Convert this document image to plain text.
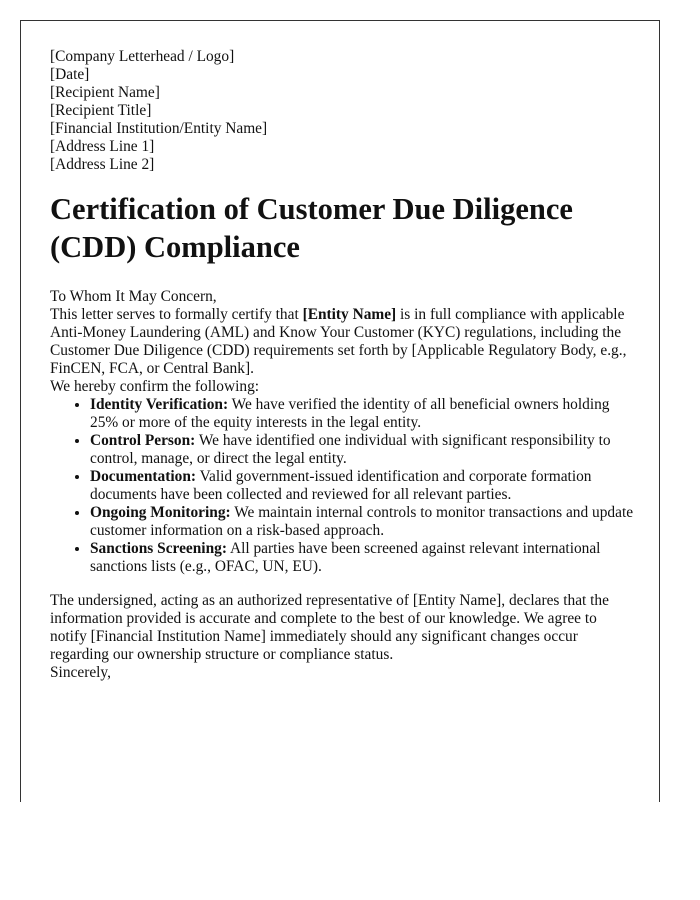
[Company Letterhead / Logo]

[Date]

[Recipient Name]
[Recipient Title]
[Financial Institution/Entity Name]
[Address Line 1]
[Address Line 2]
Certification of Customer Due Diligence (CDD) Compliance

To Whom It May Concern,

This letter serves to formally certify that [Entity Name] is in full compliance with applicable Anti-Money Laundering (AML) and Know Your Customer (KYC) regulations, including the Customer Due Diligence (CDD) requirements set forth by [Applicable Regulatory Body, e.g., FinCEN, FCA, or Central Bank].

We hereby confirm the following:

• Identity Verification: We have verified the identity of all beneficial owners holding 25% or more of the equity interests in the legal entity.
• Control Person: We have identified one individual with significant responsibility to control, manage, or direct the legal entity.
• Documentation: Valid government-issued identification and corporate formation documents have been collected and reviewed for all relevant parties.
• Ongoing Monitoring: We maintain internal controls to monitor transactions and update customer information on a risk-based approach.
• Sanctions Screening: All parties have been screened against relevant international sanctions lists (e.g., OFAC, UN, EU).

The undersigned, acting as an authorized representative of [Entity Name], declares that the information provided is accurate and complete to the best of our knowledge. We agree to notify [Financial Institution Name] immediately should any significant changes occur regarding our ownership structure or compliance status.

Sincerely,
